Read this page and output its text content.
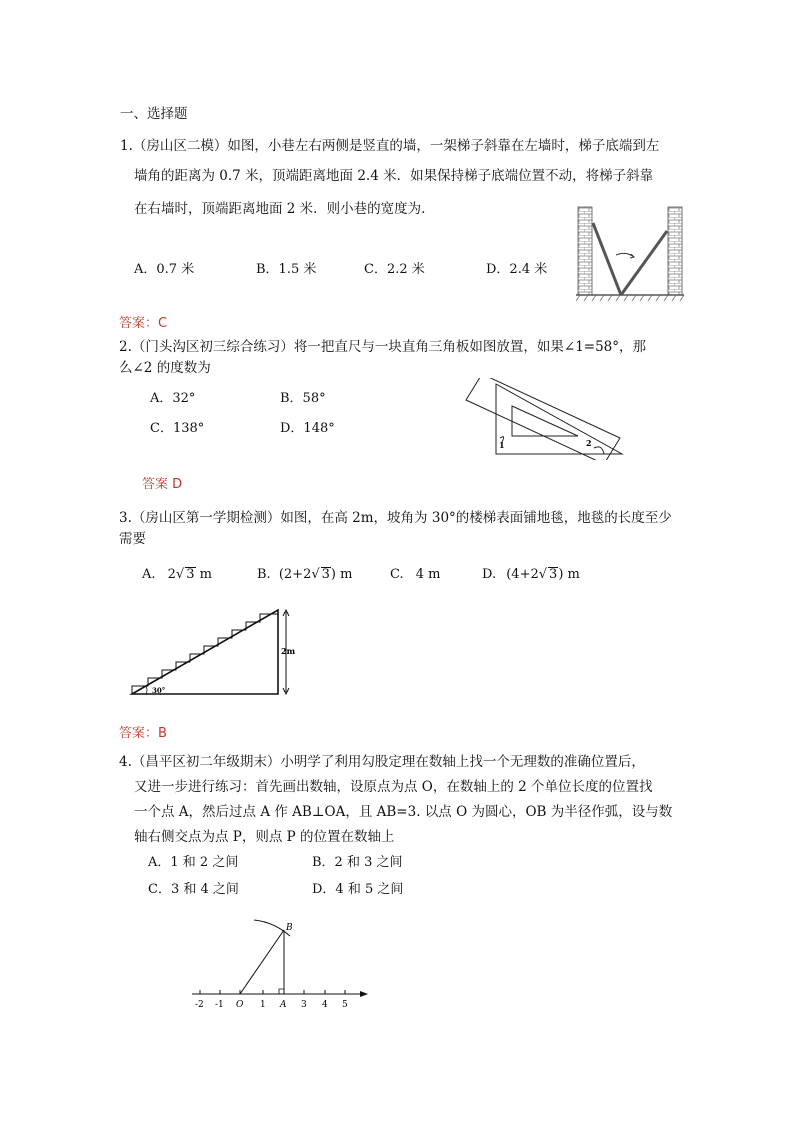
一、选择题
1.（房山区二模）如图，小巷左右两侧是竖直的墙，一架梯子斜靠在左墙时，梯子底端到左
墙角的距离为 0.7 米，顶端距离地面 2.4 米．如果保持梯子底端位置不动，将梯子斜靠
在右墙时，顶端距离地面 2 米．则小巷的宽度为.
A．0.7 米	B．1.5 米	C．2.2 米	D．2.4 米
答案：C
2.（门头沟区初三综合练习）将一把直尺与一块直角三角板如图放置，如果∠1=58°，那
么∠2 的度数为
A．32°	B．58°
C．138°	D．148°
1	2
答案 D
3.（房山区第一学期检测）如图，在高 2m，坡角为 30°的楼梯表面铺地毯，地毯的长度至少
需要
A. 2√ 3 m	B. (2+2√ 3) m	C. 4 m	D. (4+2√ 3) m
2m
30°
答案：B
4.（昌平区初二年级期末）小明学了利用勾股定理在数轴上找一个无理数的准确位置后，
又进一步进行练习：首先画出数轴，设原点为点 O，在数轴上的 2 个单位长度的位置找
一个点 A，然后过点 A 作 AB⊥OA，且 AB=3. 以点 O 为圆心，OB 为半径作弧，设与数
轴右侧交点为点 P，则点 P 的位置在数轴上
A．1 和 2 之间	B．2 和 3 之间
C．3 和 4 之间	D．4 和 5 之间
B
-2 -1 O 1 A 3 4 5
